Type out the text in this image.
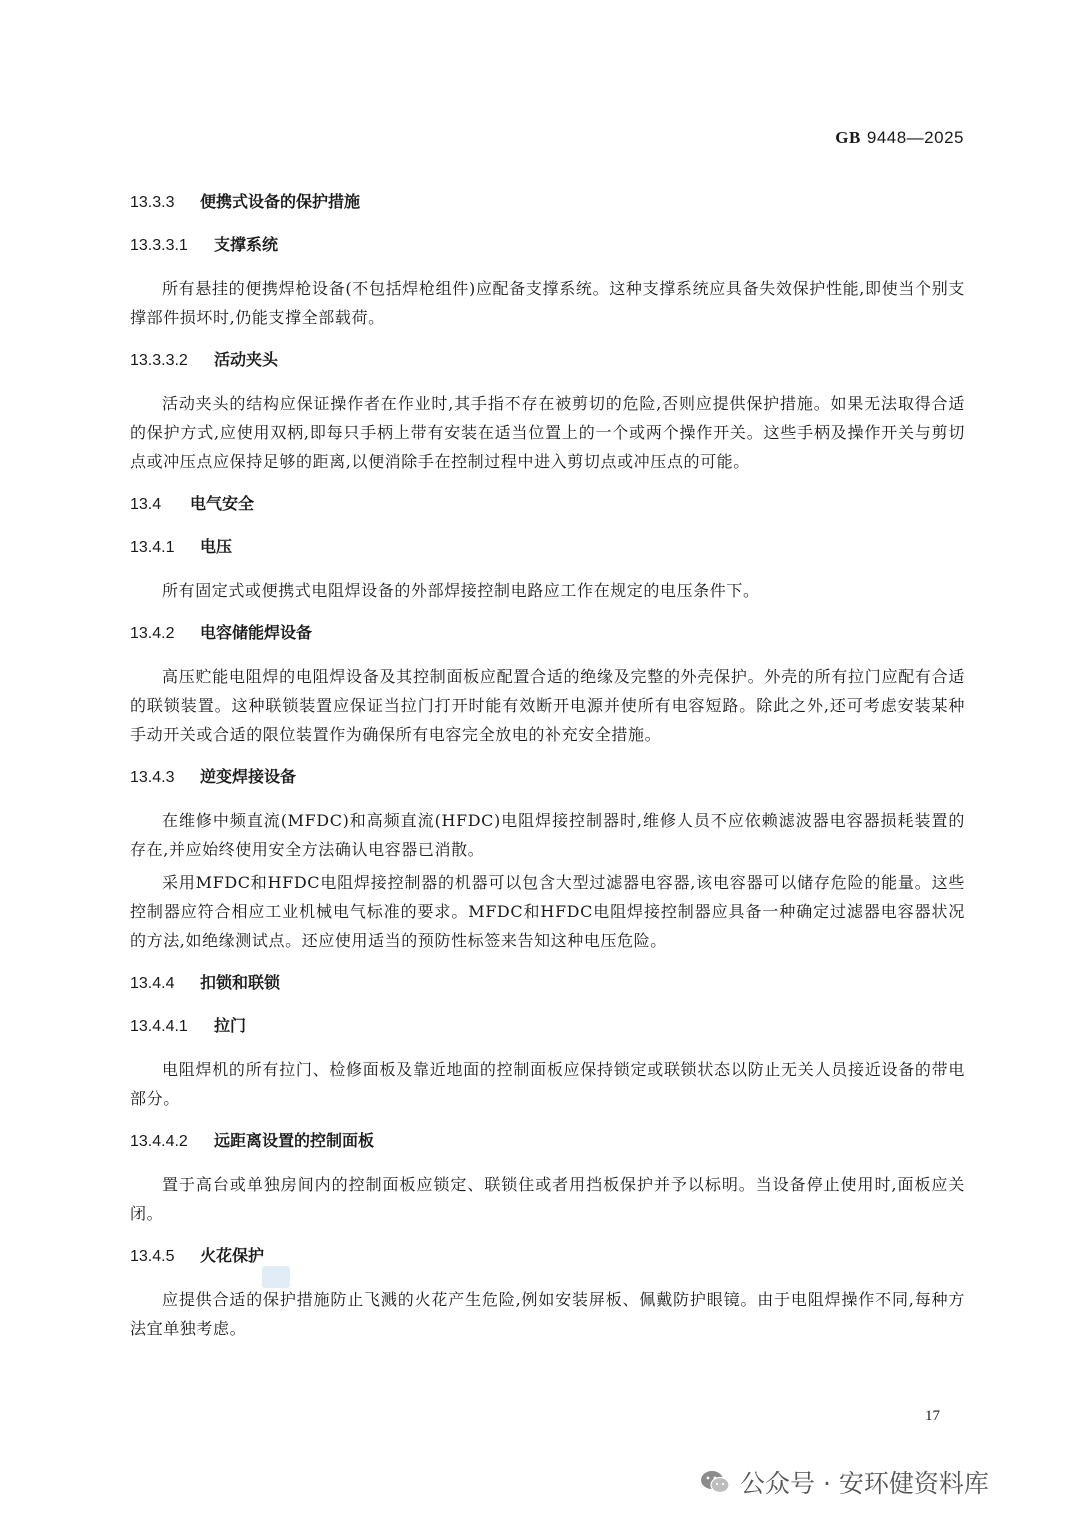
GB 9448—2025
13.3.3 便携式设备的保护措施
13.3.3.1 支撑系统
所有悬挂的便携焊枪设备(不包括焊枪组件)应配备支撑系统。这种支撑系统应具备失效保护性能,即使当个别支撑部件损坏时,仍能支撑全部载荷。
13.3.3.2 活动夹头
活动夹头的结构应保证操作者在作业时,其手指不存在被剪切的危险,否则应提供保护措施。如果无法取得合适的保护方式,应使用双柄,即每只手柄上带有安装在适当位置上的一个或两个操作开关。这些手柄及操作开关与剪切点或冲压点应保持足够的距离,以便消除手在控制过程中进入剪切点或冲压点的可能。
13.4 电气安全
13.4.1 电压
所有固定式或便携式电阻焊设备的外部焊接控制电路应工作在规定的电压条件下。
13.4.2 电容储能焊设备
高压贮能电阻焊的电阻焊设备及其控制面板应配置合适的绝缘及完整的外壳保护。外壳的所有拉门应配有合适的联锁装置。这种联锁装置应保证当拉门打开时能有效断开电源并使所有电容短路。除此之外,还可考虑安装某种手动开关或合适的限位装置作为确保所有电容完全放电的补充安全措施。
13.4.3 逆变焊接设备
在维修中频直流(MFDC)和高频直流(HFDC)电阻焊接控制器时,维修人员不应依赖滤波器电容器损耗装置的存在,并应始终使用安全方法确认电容器已消散。
采用MFDC和HFDC电阻焊接控制器的机器可以包含大型过滤器电容器,该电容器可以储存危险的能量。这些控制器应符合相应工业机械电气标准的要求。MFDC和HFDC电阻焊接控制器应具备一种确定过滤器电容器状况的方法,如绝缘测试点。还应使用适当的预防性标签来告知这种电压危险。
13.4.4 扣锁和联锁
13.4.4.1 拉门
电阻焊机的所有拉门、检修面板及靠近地面的控制面板应保持锁定或联锁状态以防止无关人员接近设备的带电部分。
13.4.4.2 远距离设置的控制面板
置于高台或单独房间内的控制面板应锁定、联锁住或者用挡板保护并予以标明。当设备停止使用时,面板应关闭。
13.4.5 火花保护
应提供合适的保护措施防止飞溅的火花产生危险,例如安装屏板、佩戴防护眼镜。由于电阻焊操作不同,每种方法宜单独考虑。
17
公众号 · 安环健资料库
